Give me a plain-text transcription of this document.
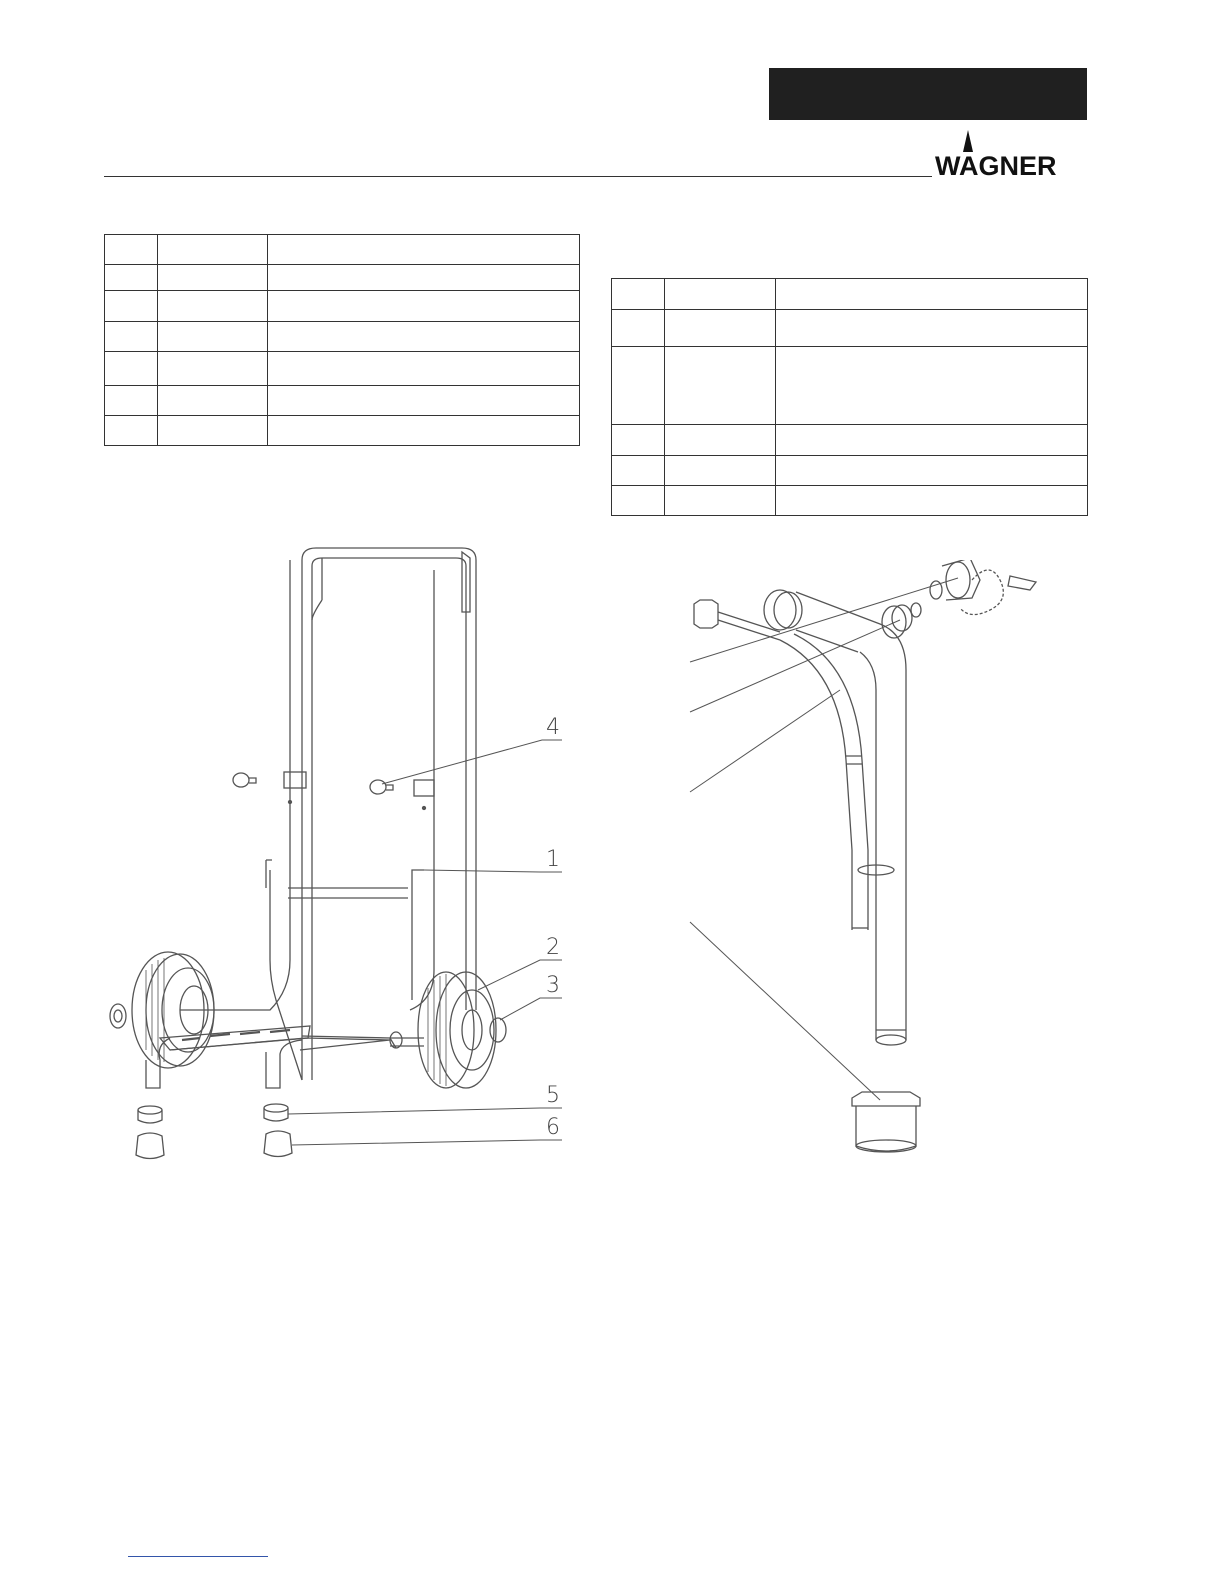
WAGNER

4
1
2
3
5
6
